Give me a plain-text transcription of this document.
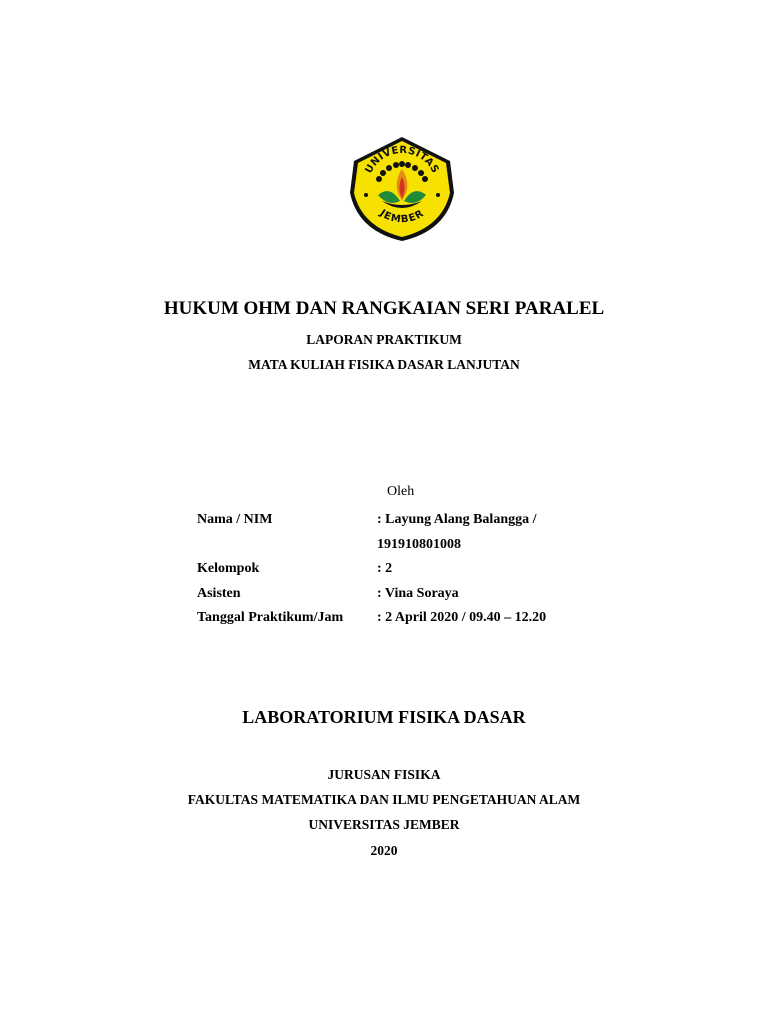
UNIVERSITAS
JEMBER
HUKUM OHM DAN RANGKAIAN SERI PARALEL
LAPORAN PRAKTIKUM
MATA KULIAH FISIKA DASAR LANJUTAN
Oleh
Nama / NIM	: Layung Alang Balangga /
191910801008
Kelompok	: 2
Asisten	: Vina Soraya
Tanggal Praktikum/Jam : 2 April 2020 / 09.40 – 12.20
LABORATORIUM FISIKA DASAR
JURUSAN FISIKA
FAKULTAS MATEMATIKA DAN ILMU PENGETAHUAN ALAM
UNIVERSITAS JEMBER
2020
